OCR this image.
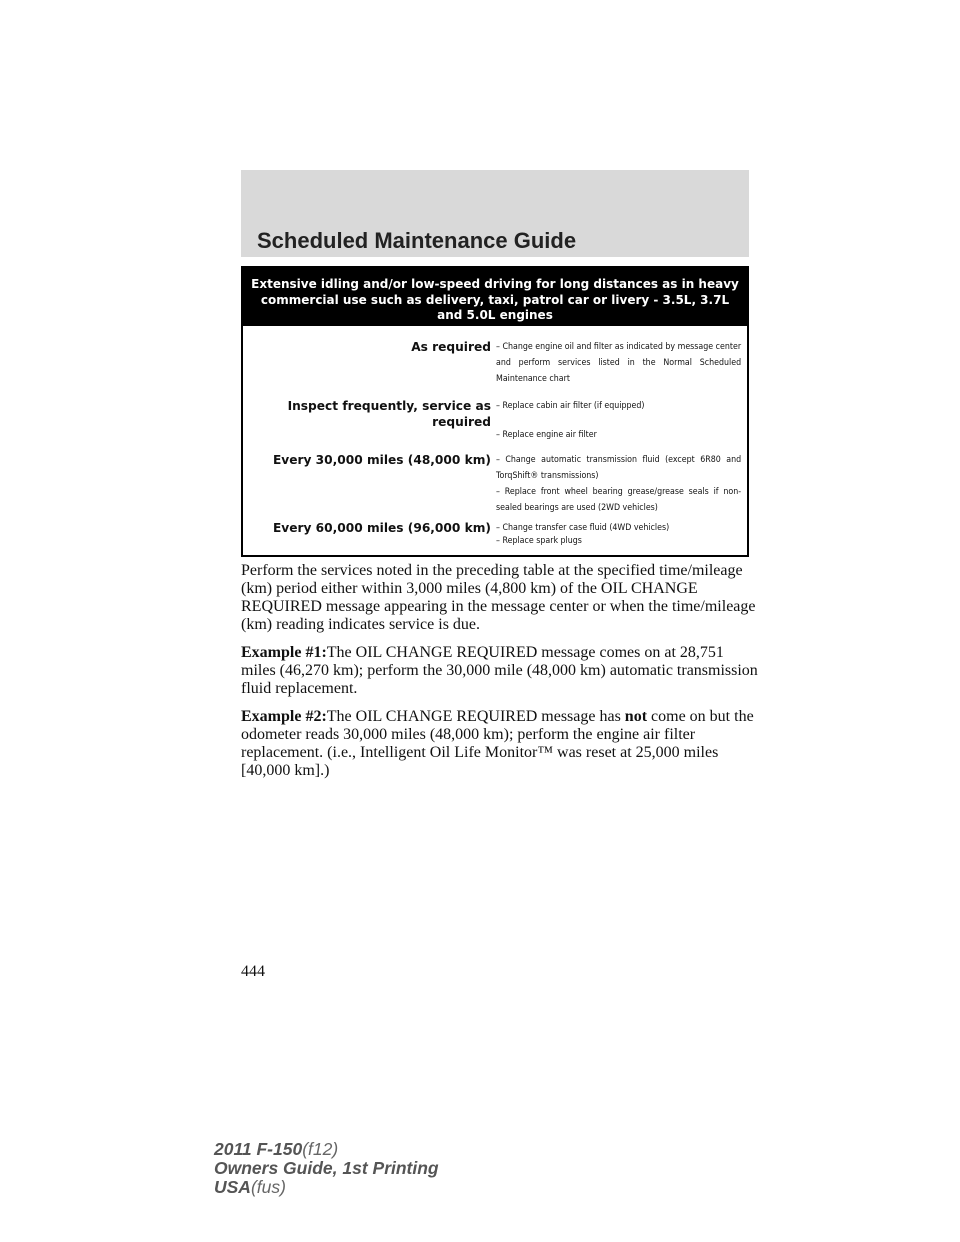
Scheduled Maintenance Guide
Extensive idling and/or low-speed driving for long distances as in heavy commercial use such as delivery, taxi, patrol car or livery - 3.5L, 3.7L and 5.0L engines
As required – Change engine oil and filter as indicated by message center and perform services listed in the Normal Scheduled Maintenance chart
Inspect frequently, service as required
– Replace cabin air filter (if equipped)
– Replace engine air filter
Every 30,000 miles (48,000 km) – Change automatic transmission fluid (except 6R80 and TorqShift® transmissions)
– Replace front wheel bearing grease/grease seals if non-sealed bearings are used (2WD vehicles)
Every 60,000 miles (96,000 km) – Change transfer case fluid (4WD vehicles)
– Replace spark plugs

Perform the services noted in the preceding table at the specified time/mileage (km) period either within 3,000 miles (4,800 km) of the OIL CHANGE REQUIRED message appearing in the message center or when the time/mileage (km) reading indicates service is due.

Example #1:The OIL CHANGE REQUIRED message comes on at 28,751 miles (46,270 km); perform the 30,000 mile (48,000 km) automatic transmission fluid replacement.

Example #2:The OIL CHANGE REQUIRED message has not come on but the odometer reads 30,000 miles (48,000 km); perform the engine air filter replacement. (i.e., Intelligent Oil Life Monitor™ was reset at 25,000 miles [40,000 km].)

444
2011 F-150(f12)
Owners Guide, 1st Printing
USA(fus)
